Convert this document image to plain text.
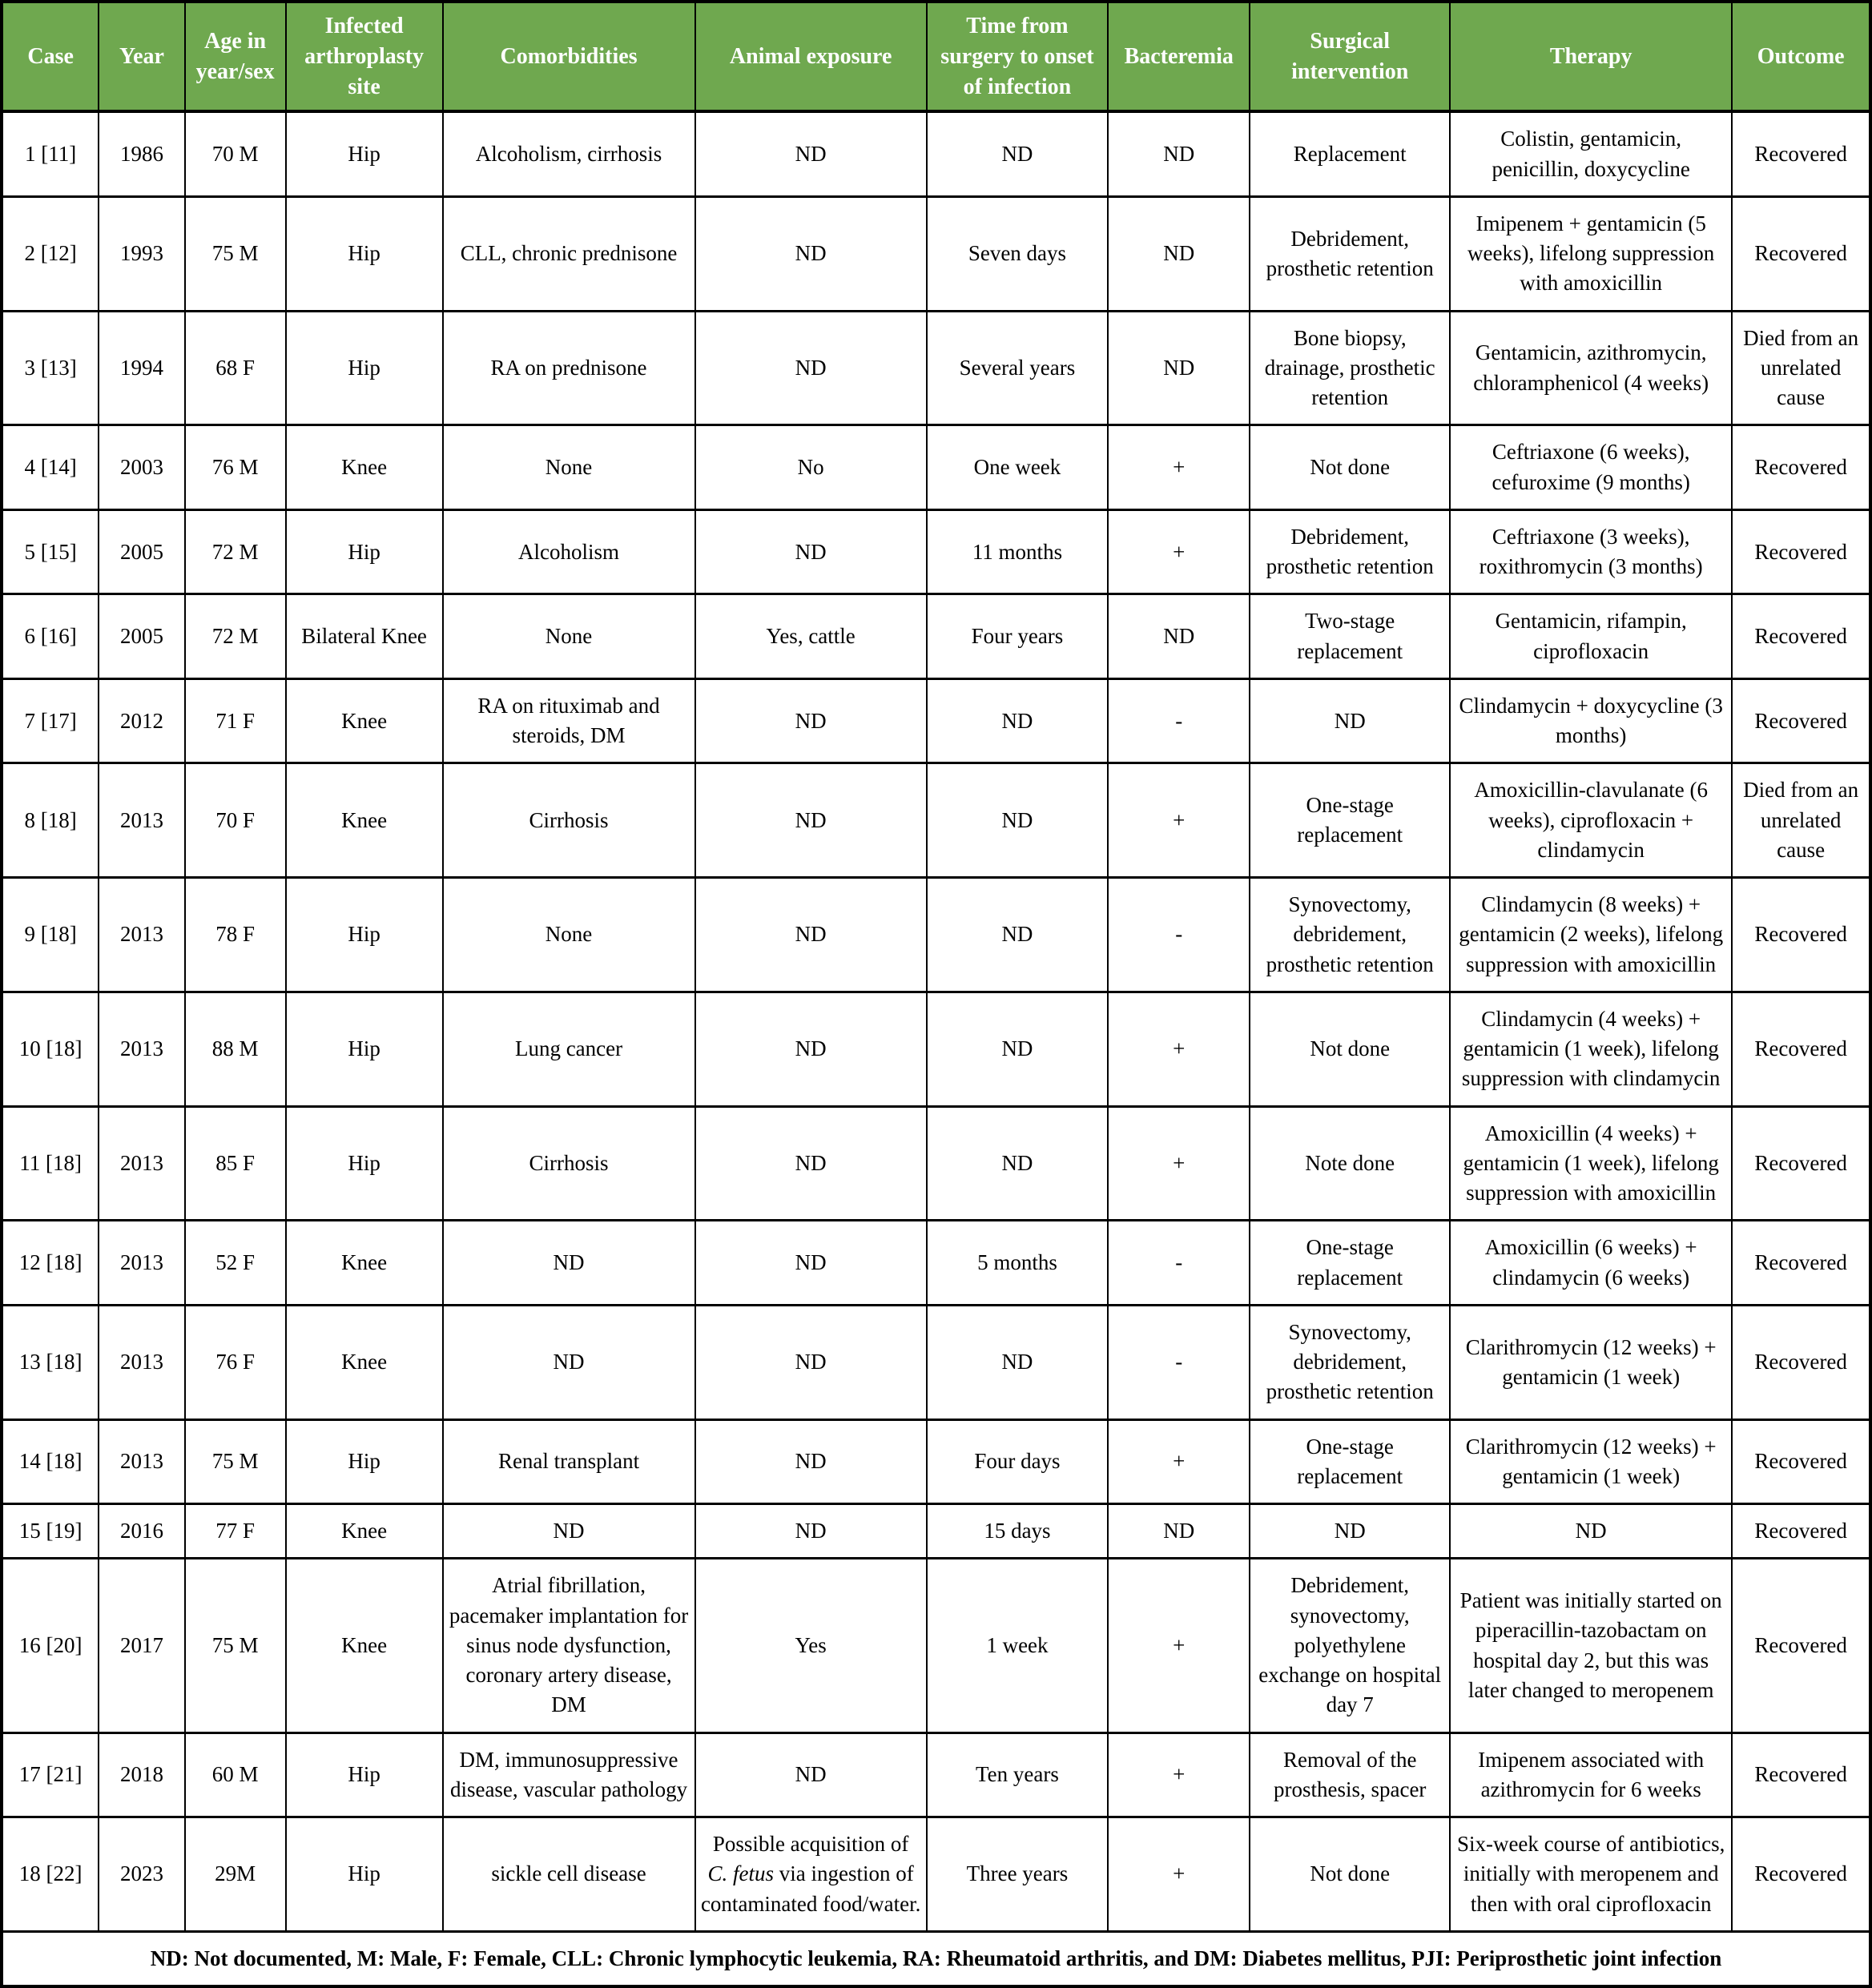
Case	Year	Age in year/sex	Infected arthroplasty site	Comorbidities	Animal exposure	Time from surgery to onset of infection	Bacteremia	Surgical intervention	Therapy	Outcome
1 [11]	1986	70 M	Hip	Alcoholism, cirrhosis	ND	ND	ND	Replacement	Colistin, gentamicin, penicillin, doxycycline	Recovered
2 [12]	1993	75 M	Hip	CLL, chronic prednisone	ND	Seven days	ND	Debridement, prosthetic retention	Imipenem + gentamicin (5 weeks), lifelong suppression with amoxicillin	Recovered
3 [13]	1994	68 F	Hip	RA on prednisone	ND	Several years	ND	Bone biopsy, drainage, prosthetic retention	Gentamicin, azithromycin, chloramphenicol (4 weeks)	Died from an unrelated cause
4 [14]	2003	76 M	Knee	None	No	One week	+	Not done	Ceftriaxone (6 weeks), cefuroxime (9 months)	Recovered
5 [15]	2005	72 M	Hip	Alcoholism	ND	11 months	+	Debridement, prosthetic retention	Ceftriaxone (3 weeks), roxithromycin (3 months)	Recovered
6 [16]	2005	72 M	Bilateral Knee	None	Yes, cattle	Four years	ND	Two-stage replacement	Gentamicin, rifampin, ciprofloxacin	Recovered
7 [17]	2012	71 F	Knee	RA on rituximab and steroids, DM	ND	ND	-	ND	Clindamycin + doxycycline (3 months)	Recovered
8 [18]	2013	70 F	Knee	Cirrhosis	ND	ND	+	One-stage replacement	Amoxicillin-clavulanate (6 weeks), ciprofloxacin + clindamycin	Died from an unrelated cause
9 [18]	2013	78 F	Hip	None	ND	ND	-	Synovectomy, debridement, prosthetic retention	Clindamycin (8 weeks) + gentamicin (2 weeks), lifelong suppression with amoxicillin	Recovered
10 [18]	2013	88 M	Hip	Lung cancer	ND	ND	+	Not done	Clindamycin (4 weeks) + gentamicin (1 week), lifelong suppression with clindamycin	Recovered
11 [18]	2013	85 F	Hip	Cirrhosis	ND	ND	+	Note done	Amoxicillin (4 weeks) + gentamicin (1 week), lifelong suppression with amoxicillin	Recovered
12 [18]	2013	52 F	Knee	ND	ND	5 months	-	One-stage replacement	Amoxicillin (6 weeks) + clindamycin (6 weeks)	Recovered
13 [18]	2013	76 F	Knee	ND	ND	ND	-	Synovectomy, debridement, prosthetic retention	Clarithromycin (12 weeks) + gentamicin (1 week)	Recovered
14 [18]	2013	75 M	Hip	Renal transplant	ND	Four days	+	One-stage replacement	Clarithromycin (12 weeks) + gentamicin (1 week)	Recovered
15 [19]	2016	77 F	Knee	ND	ND	15 days	ND	ND	ND	Recovered
16 [20]	2017	75 M	Knee	Atrial fibrillation, pacemaker implantation for sinus node dysfunction, coronary artery disease, DM	Yes	1 week	+	Debridement, synovectomy, polyethylene exchange on hospital day 7	Patient was initially started on piperacillin-tazobactam on hospital day 2, but this was later changed to meropenem	Recovered
17 [21]	2018	60 M	Hip	DM, immunosuppressive disease, vascular pathology	ND	Ten years	+	Removal of the prosthesis, spacer	Imipenem associated with azithromycin for 6 weeks	Recovered
18 [22]	2023	29M	Hip	sickle cell disease	Possible acquisition of C. fetus via ingestion of contaminated food/water.	Three years	+	Not done	Six-week course of antibiotics, initially with meropenem and then with oral ciprofloxacin	Recovered
ND: Not documented, M: Male, F: Female, CLL: Chronic lymphocytic leukemia, RA: Rheumatoid arthritis, and DM: Diabetes mellitus, PJI: Periprosthetic joint infection										
